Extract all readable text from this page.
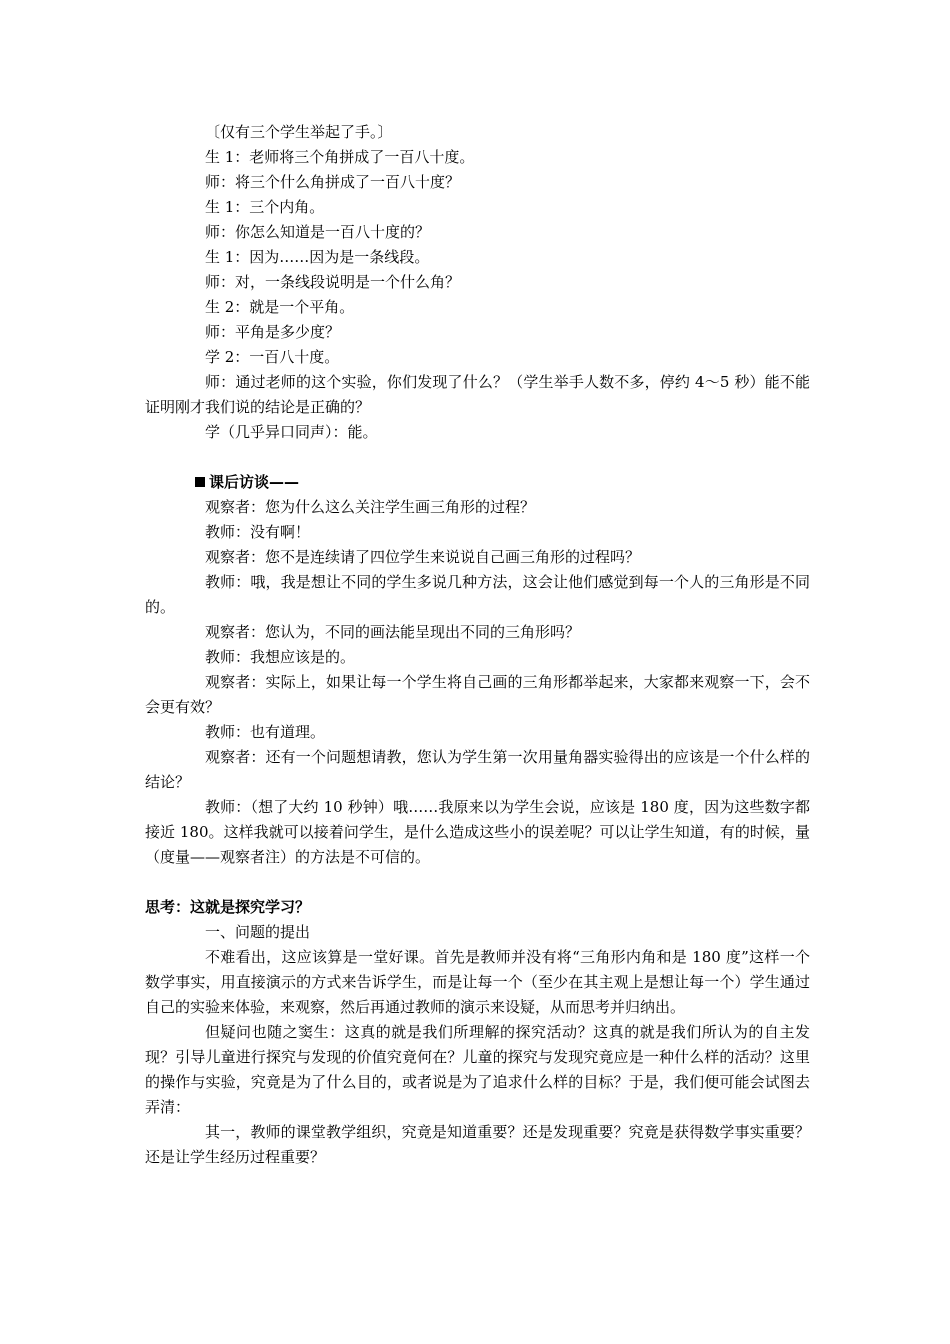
〔仅有三个学生举起了手。〕

生 1：老师将三个角拼成了一百八十度。

师：将三个什么角拼成了一百八十度？

生 1：三个内角。

师：你怎么知道是一百八十度的？

生 1：因为……因为是一条线段。

师：对，一条线段说明是一个什么角？

生 2：就是一个平角。

师：平角是多少度？

学 2：一百八十度。

师：通过老师的这个实验，你们发现了什么？（学生举手人数不多，停约 4～5 秒）能不能证明刚才我们说的结论是正确的？

学（几乎异口同声）：能。

课后访谈——

观察者：您为什么这么关注学生画三角形的过程？

教师：没有啊！

观察者：您不是连续请了四位学生来说说自己画三角形的过程吗？

教师：哦，我是想让不同的学生多说几种方法，这会让他们感觉到每一个人的三角形是不同的。

观察者：您认为，不同的画法能呈现出不同的三角形吗？

教师：我想应该是的。

观察者：实际上，如果让每一个学生将自己画的三角形都举起来，大家都来观察一下，会不会更有效？

教师：也有道理。

观察者：还有一个问题想请教，您认为学生第一次用量角器实验得出的应该是一个什么样的结论？

教师：（想了大约 10 秒钟）哦……我原来以为学生会说，应该是 180 度，因为这些数字都接近 180。这样我就可以接着问学生，是什么造成这些小的误差呢？可以让学生知道，有的时候，量（度量——观察者注）的方法是不可信的。

思考：这就是探究学习？

一、问题的提出

不难看出，这应该算是一堂好课。首先是教师并没有将“三角形内角和是 180 度”这样一个数学事实，用直接演示的方式来告诉学生，而是让每一个（至少在其主观上是想让每一个）学生通过自己的实验来体验，来观察，然后再通过教师的演示来设疑，从而思考并归纳出。

但疑问也随之窦生：这真的就是我们所理解的探究活动？这真的就是我们所认为的自主发现？引导儿童进行探究与发现的价值究竟何在？儿童的探究与发现究竟应是一种什么样的活动？这里的操作与实验，究竟是为了什么目的，或者说是为了追求什么样的目标？于是，我们便可能会试图去弄清：

其一，教师的课堂教学组织，究竟是知道重要？还是发现重要？究竟是获得数学事实重要？还是让学生经历过程重要？
